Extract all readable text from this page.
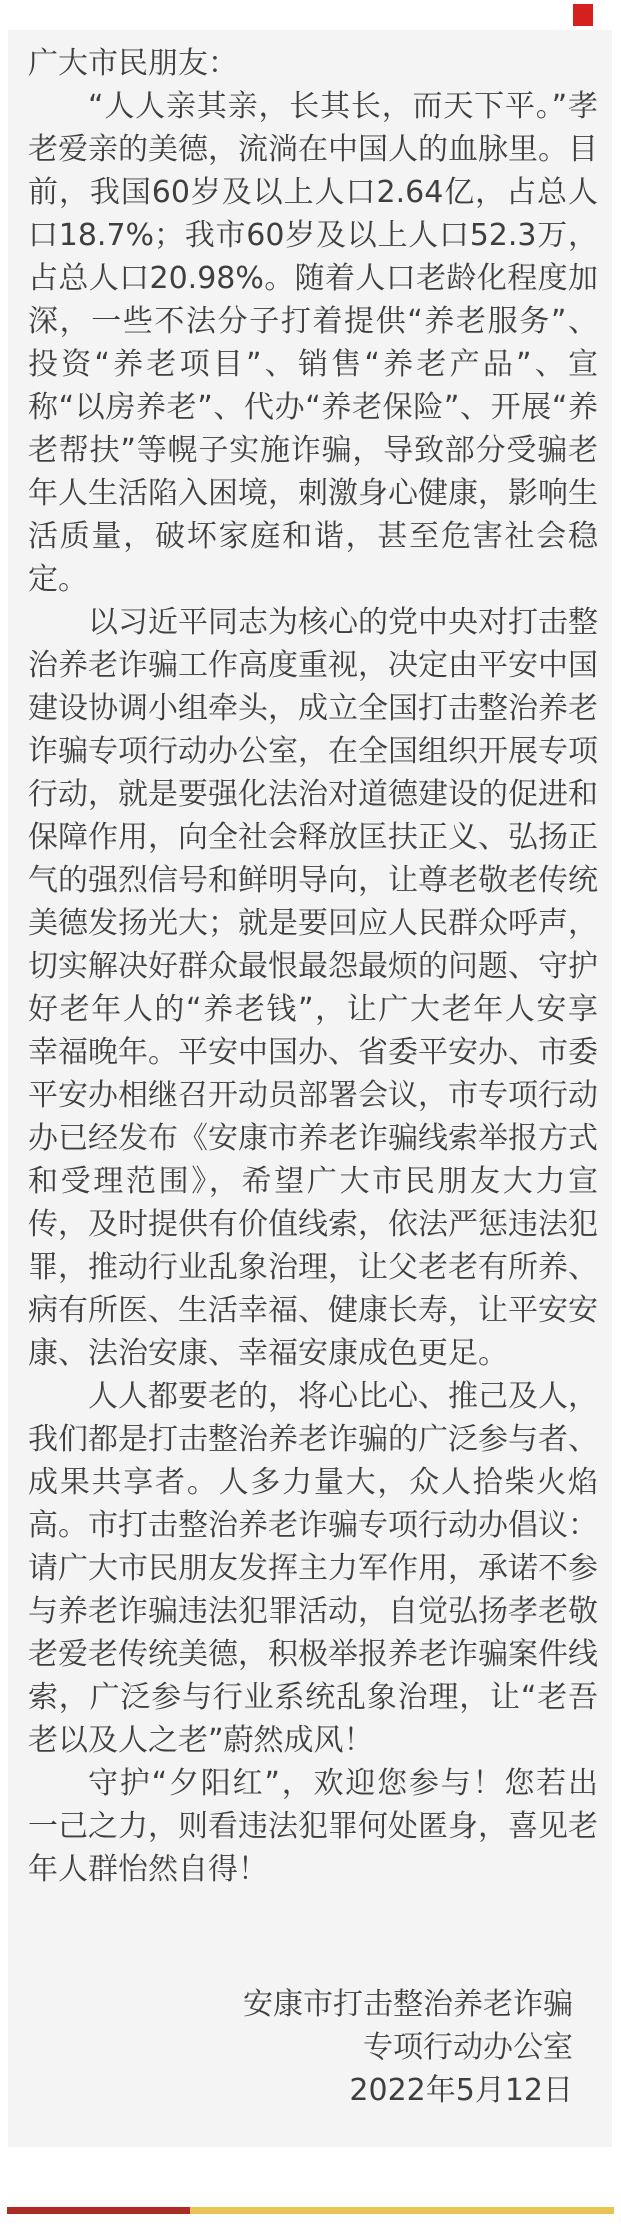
广大市民朋友：

“人人亲其亲，长其长，而天下平。”孝老爱亲的美德，流淌在中国人的血脉里。目前，我国60岁及以上人口2.64亿，占总人口18.7%；我市60岁及以上人口52.3万，占总人口20.98%。随着人口老龄化程度加深，一些不法分子打着提供“养老服务”、投资“养老项目”、销售“养老产品”、宣称“以房养老”、代办“养老保险”、开展“养老帮扶”等幌子实施诈骗，导致部分受骗老年人生活陷入困境，刺激身心健康，影响生活质量，破坏家庭和谐，甚至危害社会稳定。

以习近平同志为核心的党中央对打击整治养老诈骗工作高度重视，决定由平安中国建设协调小组牵头，成立全国打击整治养老诈骗专项行动办公室，在全国组织开展专项行动，就是要强化法治对道德建设的促进和保障作用，向全社会释放匡扶正义、弘扬正气的强烈信号和鲜明导向，让尊老敬老传统美德发扬光大；就是要回应人民群众呼声，切实解决好群众最恨最怨最烦的问题、守护好老年人的“养老钱”，让广大老年人安享幸福晚年。平安中国办、省委平安办、市委平安办相继召开动员部署会议，市专项行动办已经发布《安康市养老诈骗线索举报方式和受理范围》，希望广大市民朋友大力宣传，及时提供有价值线索，依法严惩违法犯罪，推动行业乱象治理，让父老老有所养、病有所医、生活幸福、健康长寿，让平安安康、法治安康、幸福安康成色更足。

人人都要老的，将心比心、推己及人，我们都是打击整治养老诈骗的广泛参与者、成果共享者。人多力量大，众人拾柴火焰高。市打击整治养老诈骗专项行动办倡议：请广大市民朋友发挥主力军作用，承诺不参与养老诈骗违法犯罪活动，自觉弘扬孝老敬老爱老传统美德，积极举报养老诈骗案件线索，广泛参与行业系统乱象治理，让“老吾老以及人之老”蔚然成风！

守护“夕阳红”，欢迎您参与！您若出一己之力，则看违法犯罪何处匿身，喜见老年人群怡然自得！

安康市打击整治养老诈骗

专项行动办公室

2022年5月12日
